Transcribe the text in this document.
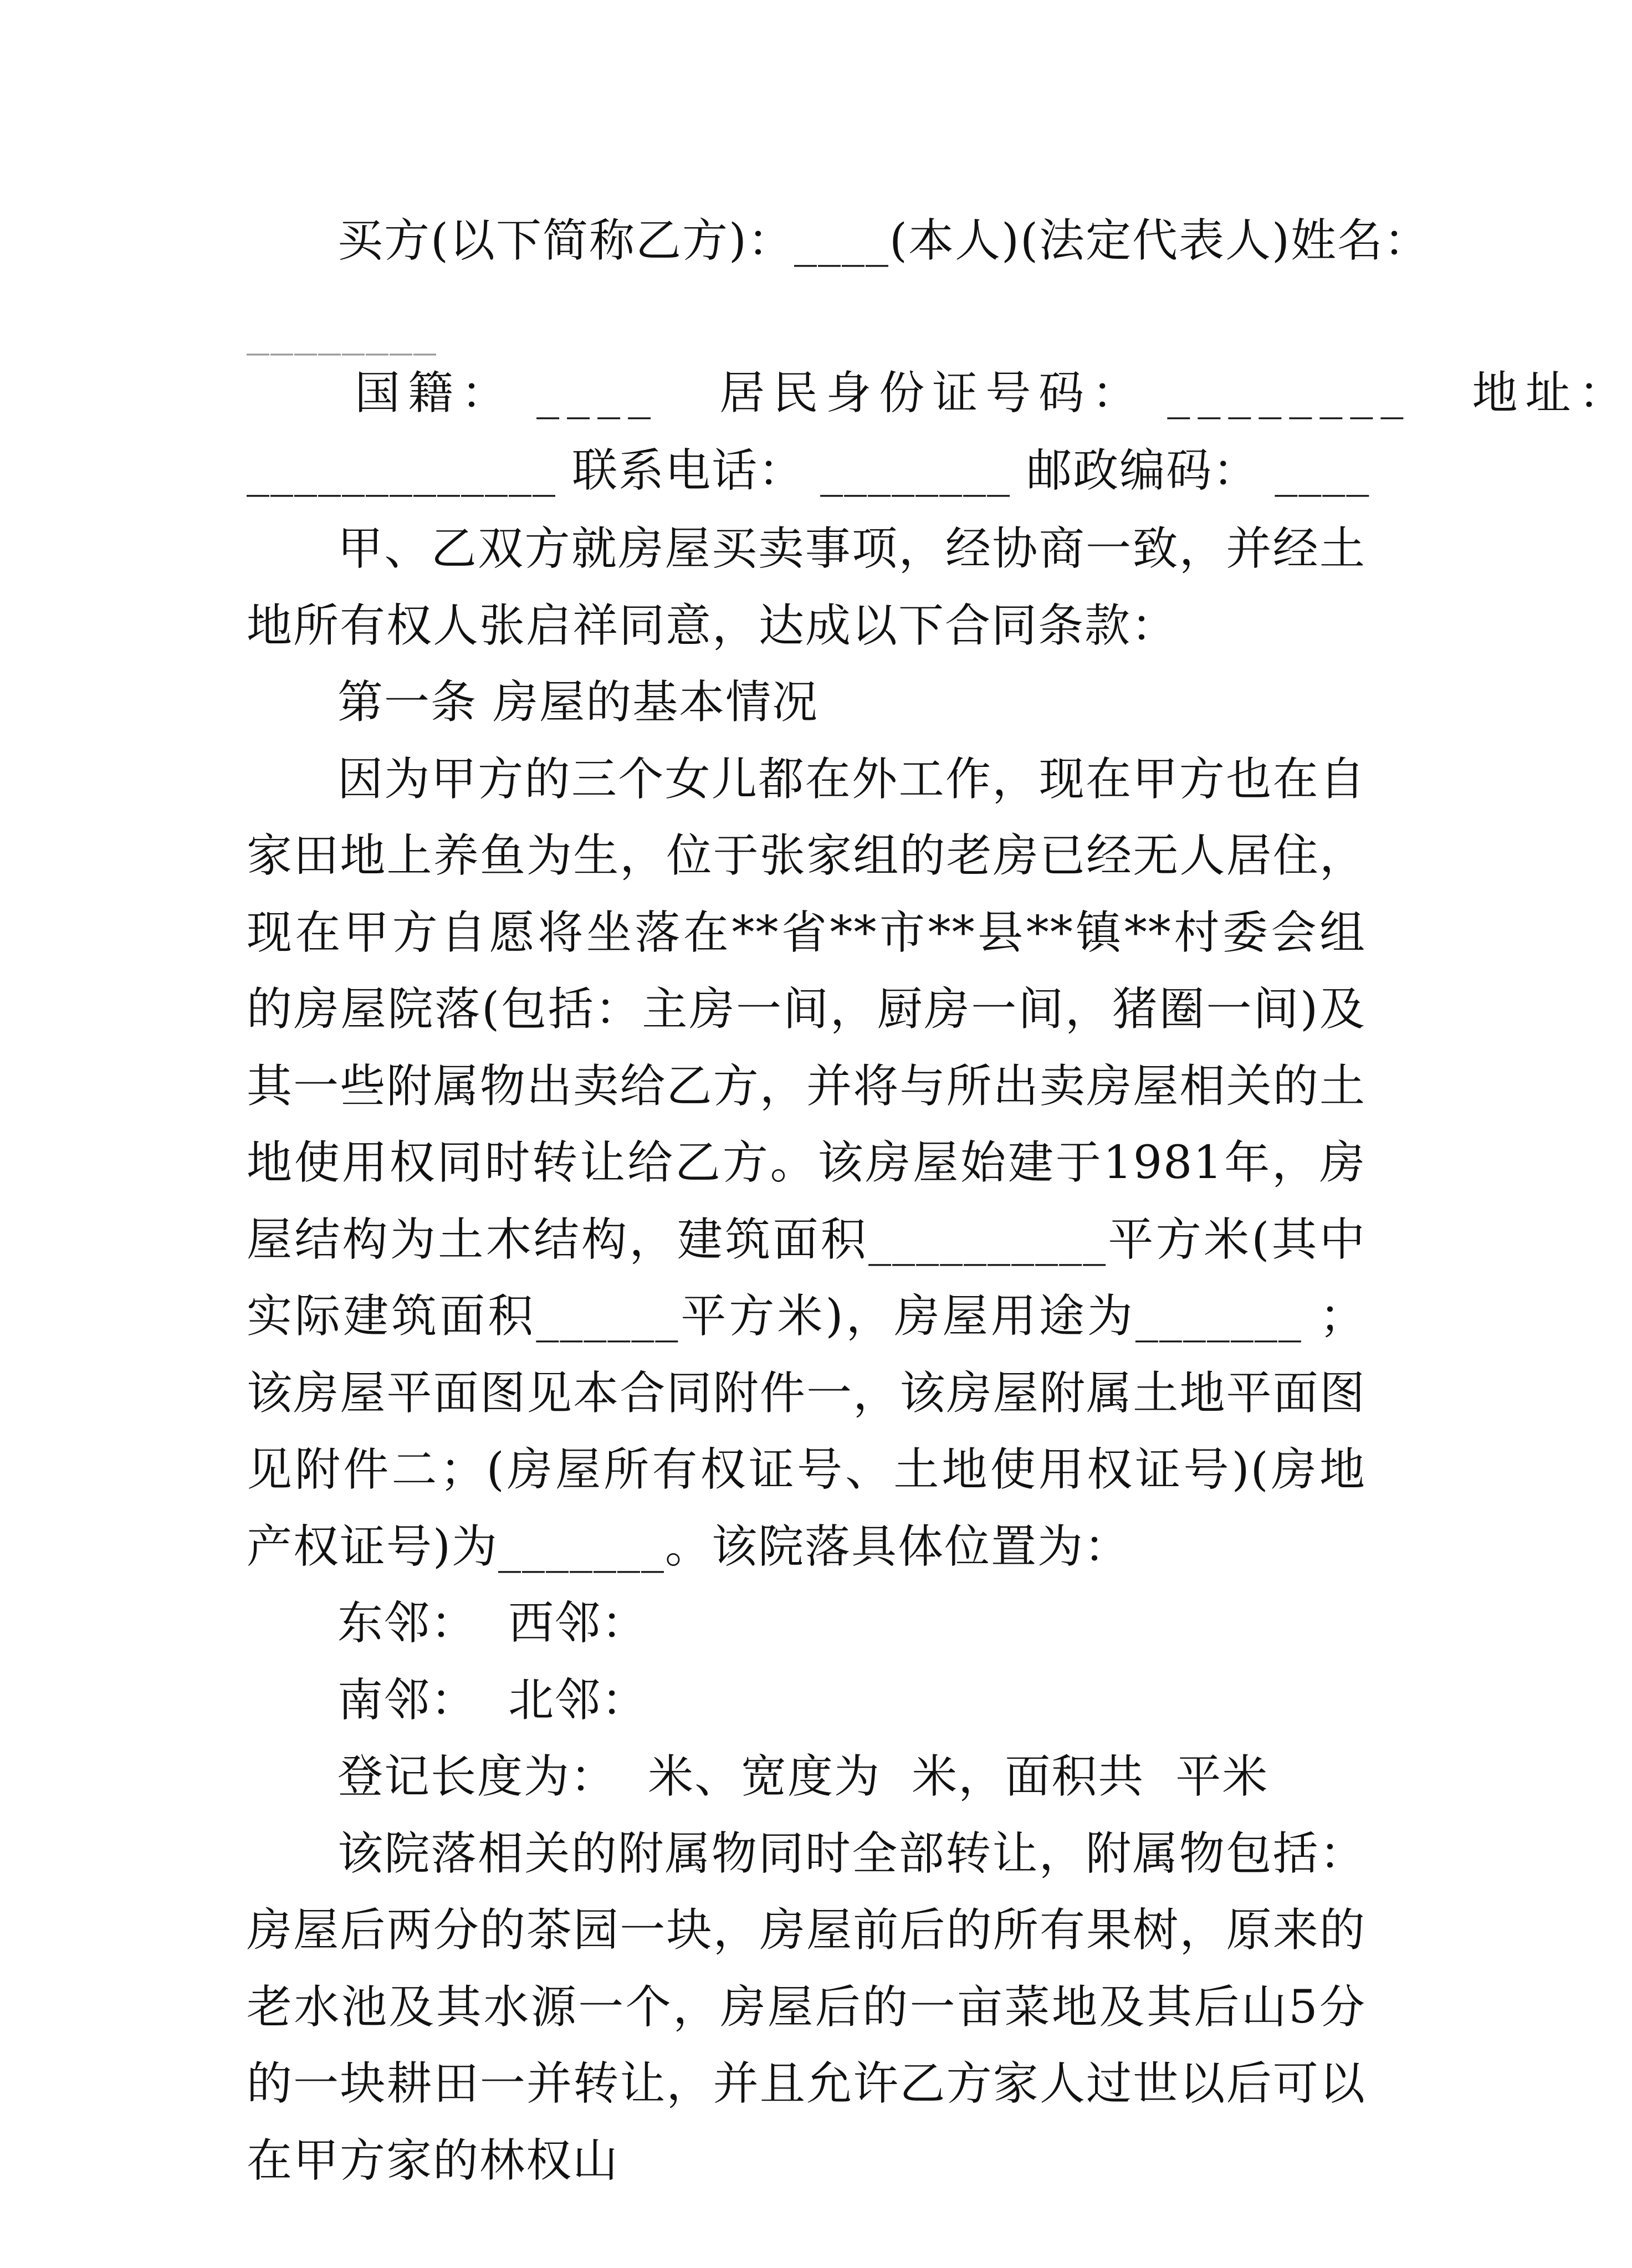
买方(以下简称乙方)：____(本人)(法定代表人)姓名：
________
国籍： ____ 居民身份证号码： ________ 地址：
_____________ 联系电话： ________ 邮政编码： ____

甲、乙双方就房屋买卖事项，经协商一致，并经土地所有权人张启祥同意，达成以下合同条款：

第一条 房屋的基本情况

因为甲方的三个女儿都在外工作，现在甲方也在自家田地上养鱼为生，位于张家组的老房已经无人居住，现在甲方自愿将坐落在**省**市**县**镇**村委会组的房屋院落(包括：主房一间，厨房一间，猪圈一间)及其一些附属物出卖给乙方，并将与所出卖房屋相关的土地使用权同时转让给乙方。该房屋始建于1981年，房屋结构为土木结构，建筑面积__________平方米(其中实际建筑面积______平方米)，房屋用途为_______ ；该房屋平面图见本合同附件一，该房屋附属土地平面图见附件二；(房屋所有权证号、土地使用权证号)(房地产权证号)为_______。该院落具体位置为：

东邻：  西邻：

南邻：  北邻：

登记长度为：  米、宽度为  米，面积共  平米

该院落相关的附属物同时全部转让，附属物包括：房屋后两分的茶园一块，房屋前后的所有果树，原来的老水池及其水源一个，房屋后的一亩菜地及其后山5分的一块耕田一并转让，并且允许乙方家人过世以后可以在甲方家的林权山
